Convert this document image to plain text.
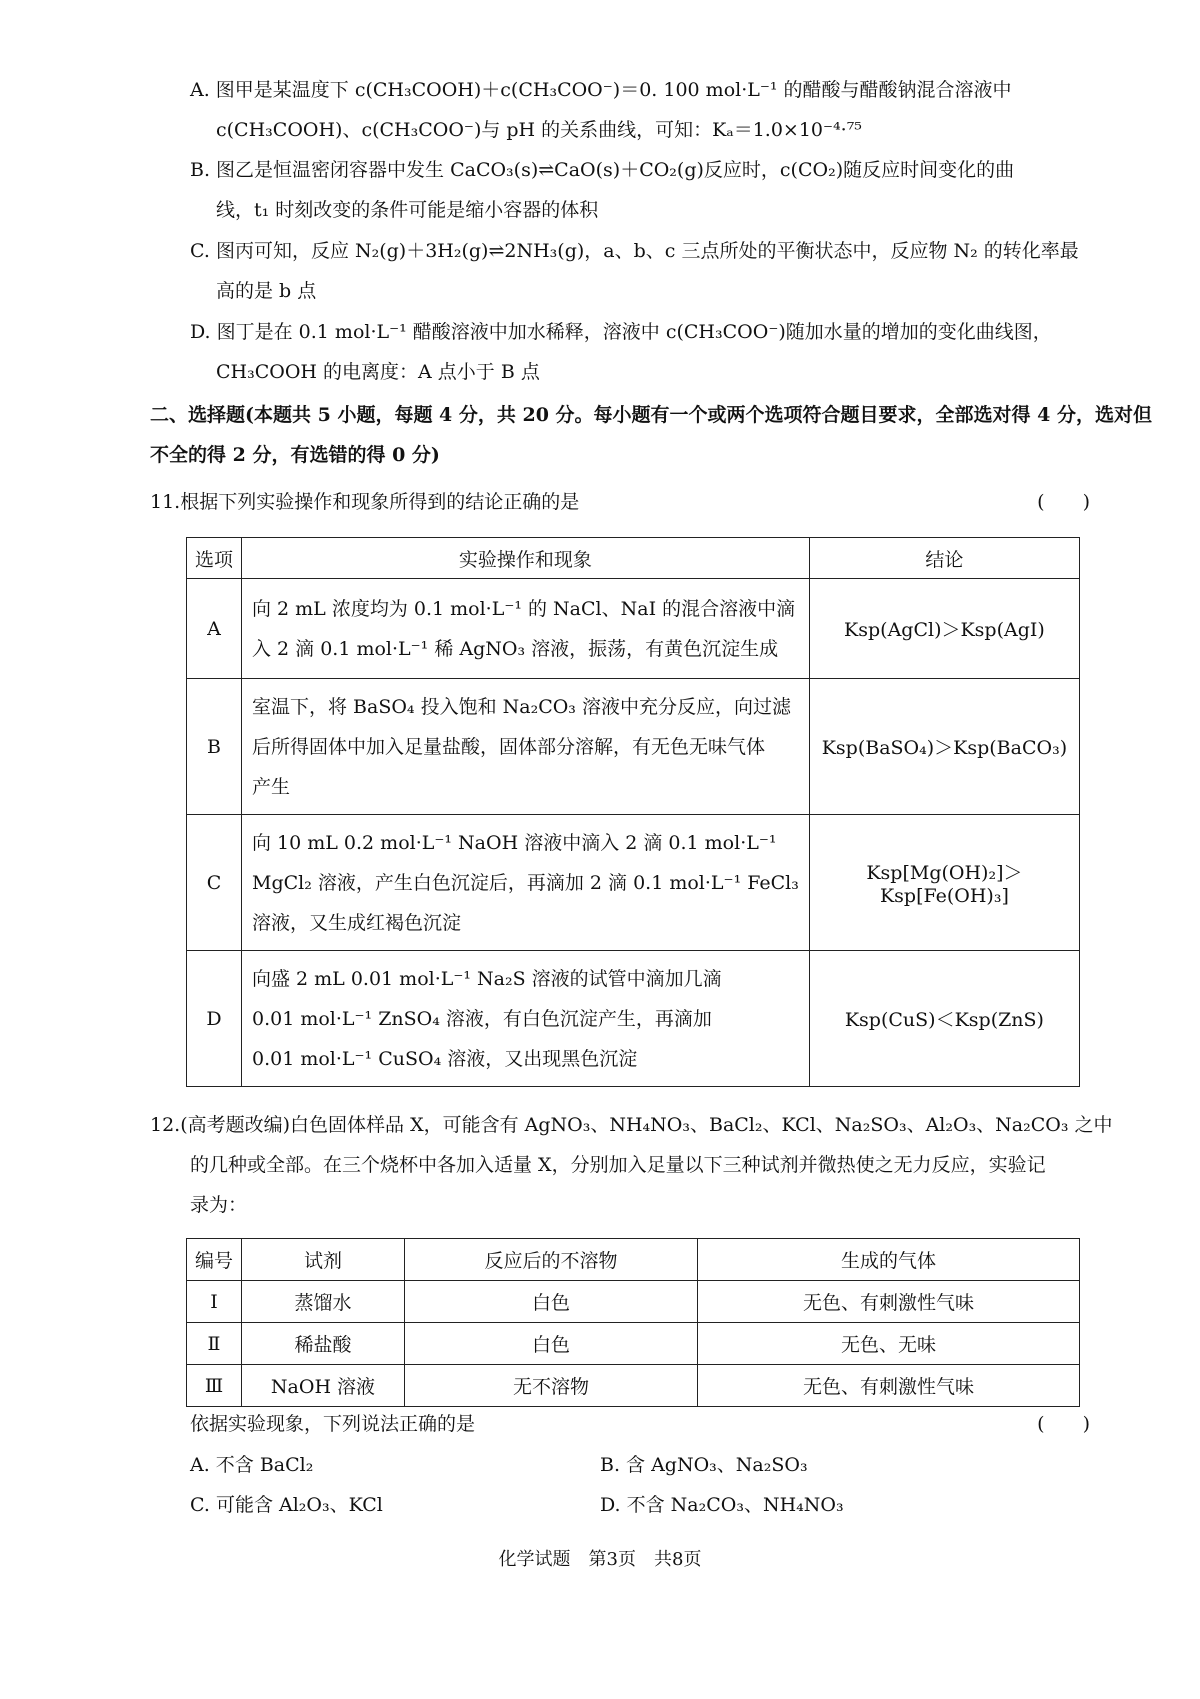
A. 图甲是某温度下 c(CH₃COOH)＋c(CH₃COO⁻)＝0. 100 mol·L⁻¹ 的醋酸与醋酸钠混合溶液中
c(CH₃COOH)、c(CH₃COO⁻)与 pH 的关系曲线，可知：Kₐ＝1.0×10⁻⁴·⁷⁵
B. 图乙是恒温密闭容器中发生 CaCO₃(s)⇌CaO(s)＋CO₂(g)反应时，c(CO₂)随反应时间变化的曲
线，t₁ 时刻改变的条件可能是缩小容器的体积
C. 图丙可知，反应 N₂(g)＋3H₂(g)⇌2NH₃(g)，a、b、c 三点所处的平衡状态中，反应物 N₂ 的转化率最
高的是 b 点
D. 图丁是在 0.1 mol·L⁻¹ 醋酸溶液中加水稀释，溶液中 c(CH₃COO⁻)随加水量的增加的变化曲线图，
CH₃COOH 的电离度：A 点小于 B 点
二、选择题(本题共 5 小题，每题 4 分，共 20 分。每小题有一个或两个选项符合题目要求，全部选对得 4 分，选对但
不全的得 2 分，有选错的得 0 分)
11.根据下列实验操作和现象所得到的结论正确的是	(　　)
选项	实验操作和现象	结论
A	向 2 mL 浓度均为 0.1 mol·L⁻¹ 的 NaCl、NaI 的混合溶液中滴
入 2 滴 0.1 mol·L⁻¹ 稀 AgNO₃ 溶液，振荡，有黄色沉淀生成	Ksp(AgCl)＞Ksp(AgI)
B	室温下，将 BaSO₄ 投入饱和 Na₂CO₃ 溶液中充分反应，向过滤
后所得固体中加入足量盐酸，固体部分溶解，有无色无味气体
产生	Ksp(BaSO₄)＞Ksp(BaCO₃)
C	向 10 mL 0.2 mol·L⁻¹ NaOH 溶液中滴入 2 滴 0.1 mol·L⁻¹
MgCl₂ 溶液，产生白色沉淀后，再滴加 2 滴 0.1 mol·L⁻¹ FeCl₃
溶液，又生成红褐色沉淀	Ksp[Mg(OH)₂]＞Ksp[Fe(OH)₃]
D	向盛 2 mL 0.01 mol·L⁻¹ Na₂S 溶液的试管中滴加几滴
0.01 mol·L⁻¹ ZnSO₄ 溶液，有白色沉淀产生，再滴加
0.01 mol·L⁻¹ CuSO₄ 溶液，又出现黑色沉淀	Ksp(CuS)＜Ksp(ZnS)
12.(高考题改编)白色固体样品 X，可能含有 AgNO₃、NH₄NO₃、BaCl₂、KCl、Na₂SO₃、Al₂O₃、Na₂CO₃ 之中
的几种或全部。在三个烧杯中各加入适量 X，分别加入足量以下三种试剂并微热使之无力反应，实验记
录为：
编号	试剂	反应后的不溶物	生成的气体
Ⅰ	蒸馏水	白色	无色、有刺激性气味
Ⅱ	稀盐酸	白色	无色、无味
Ⅲ	NaOH 溶液	无不溶物	无色、有刺激性气味
依据实验现象，下列说法正确的是	(　　)
A. 不含 BaCl₂	B. 含 AgNO₃、Na₂SO₃
C. 可能含 Al₂O₃、KCl	D. 不含 Na₂CO₃、NH₄NO₃
化学试题　第3页　共8页
